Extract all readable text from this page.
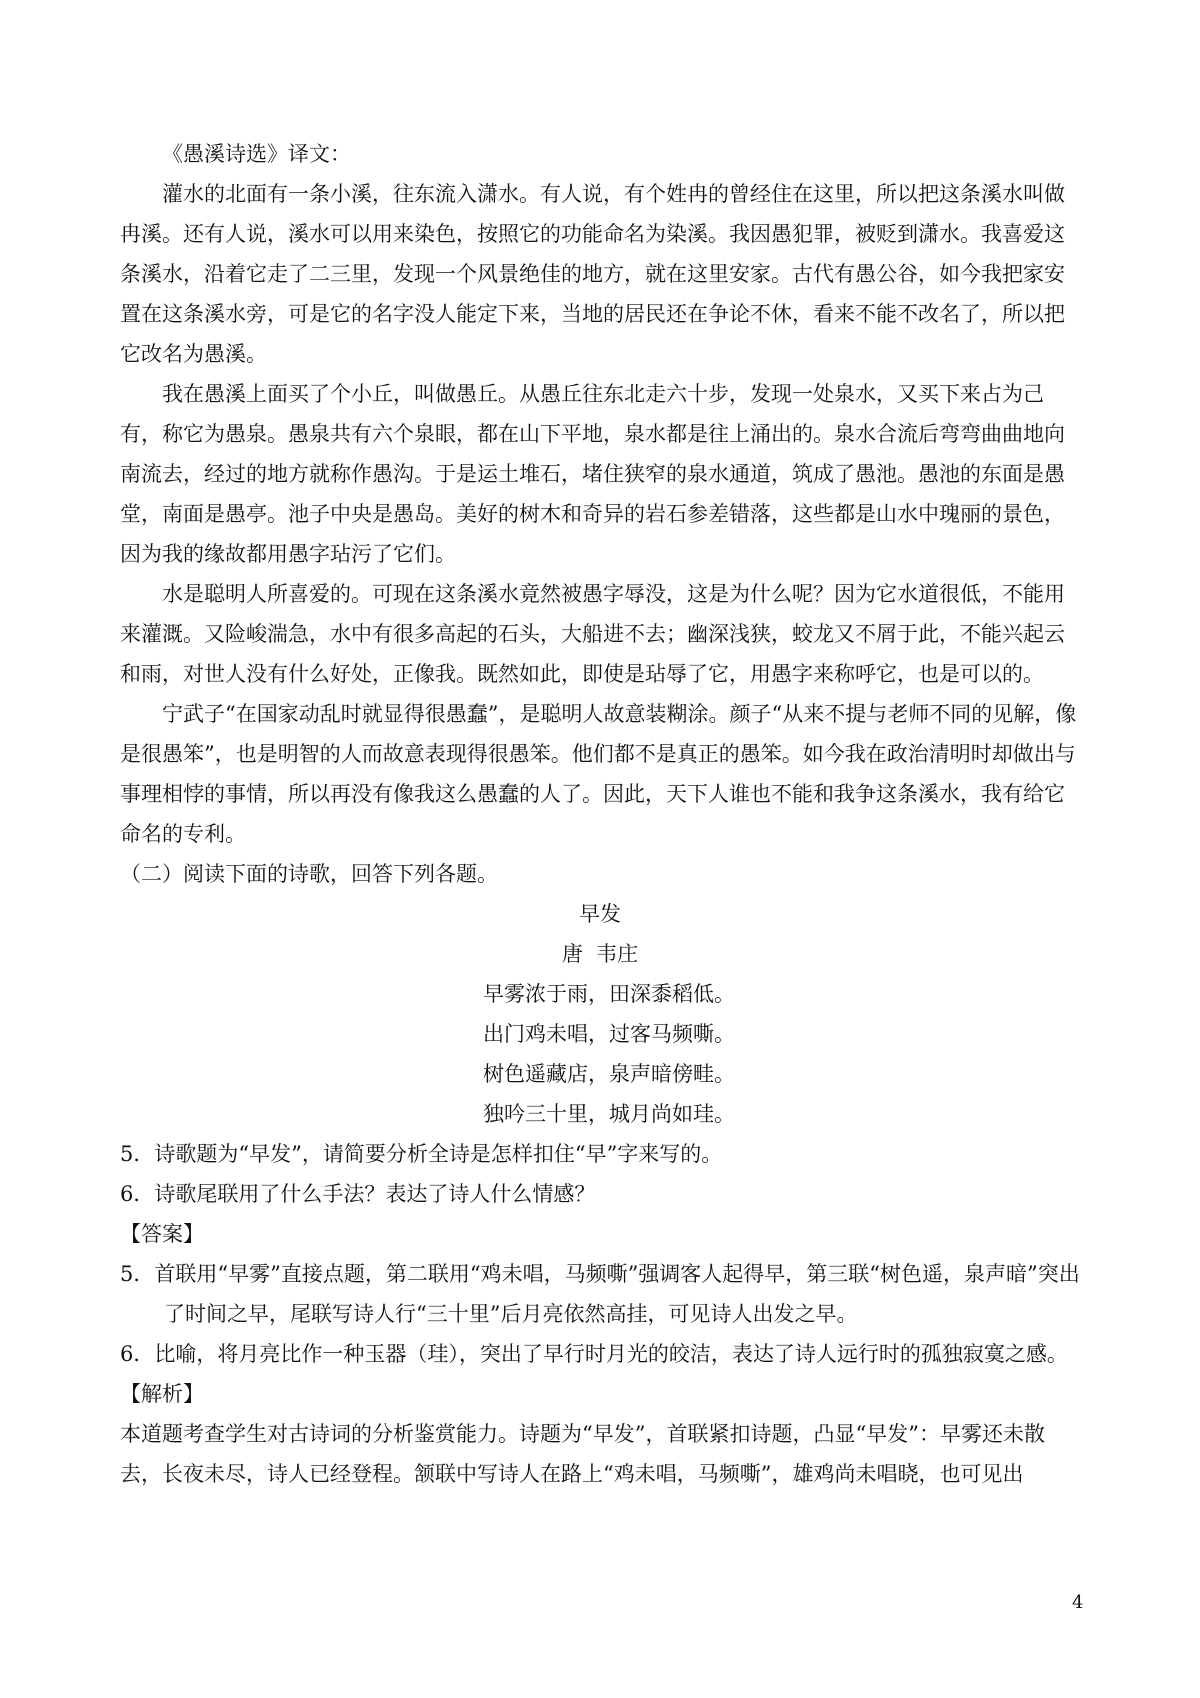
《愚溪诗选》译文：

灌水的北面有一条小溪，往东流入潇水。有人说，有个姓冉的曾经住在这里，所以把这条溪水叫做冉溪。还有人说，溪水可以用来染色，按照它的功能命名为染溪。我因愚犯罪，被贬到潇水。我喜爱这条溪水，沿着它走了二三里，发现一个风景绝佳的地方，就在这里安家。古代有愚公谷，如今我把家安置在这条溪水旁，可是它的名字没人能定下来，当地的居民还在争论不休，看来不能不改名了，所以把它改名为愚溪。

我在愚溪上面买了个小丘，叫做愚丘。从愚丘往东北走六十步，发现一处泉水，又买下来占为己有，称它为愚泉。愚泉共有六个泉眼，都在山下平地，泉水都是往上涌出的。泉水合流后弯弯曲曲地向南流去，经过的地方就称作愚沟。于是运土堆石，堵住狭窄的泉水通道，筑成了愚池。愚池的东面是愚堂，南面是愚亭。池子中央是愚岛。美好的树木和奇异的岩石参差错落，这些都是山水中瑰丽的景色，因为我的缘故都用愚字玷污了它们。

水是聪明人所喜爱的。可现在这条溪水竟然被愚字辱没，这是为什么呢？因为它水道很低，不能用来灌溉。又险峻湍急，水中有很多高起的石头，大船进不去；幽深浅狭，蛟龙又不屑于此，不能兴起云和雨，对世人没有什么好处，正像我。既然如此，即使是玷辱了它，用愚字来称呼它，也是可以的。

宁武子“在国家动乱时就显得很愚蠢”，是聪明人故意装糊涂。颜子“从来不提与老师不同的见解，像是很愚笨”，也是明智的人而故意表现得很愚笨。他们都不是真正的愚笨。如今我在政治清明时却做出与事理相悖的事情，所以再没有像我这么愚蠢的人了。因此，天下人谁也不能和我争这条溪水，我有给它命名的专利。

（二）阅读下面的诗歌，回答下列各题。

早发

唐  韦庄

早雾浓于雨，田深黍稻低。

出门鸡未唱，过客马频嘶。

树色遥藏店，泉声暗傍畦。

独吟三十里，城月尚如珪。

5．诗歌题为“早发”，请简要分析全诗是怎样扣住“早”字来写的。

6．诗歌尾联用了什么手法？表达了诗人什么情感？

【答案】

5．首联用“早雾”直接点题，第二联用“鸡未唱，马频嘶”强调客人起得早，第三联“树色遥，泉声暗”突出了时间之早，尾联写诗人行“三十里”后月亮依然高挂，可见诗人出发之早。

6．比喻，将月亮比作一种玉器（珪），突出了早行时月光的皎洁，表达了诗人远行时的孤独寂寞之感。

【解析】

本道题考查学生对古诗词的分析鉴赏能力。诗题为“早发”，首联紧扣诗题，凸显“早发”：早雾还未散去，长夜未尽，诗人已经登程。颔联中写诗人在路上“鸡未唱，马频嘶”，雄鸡尚未唱晓，也可见出

4
